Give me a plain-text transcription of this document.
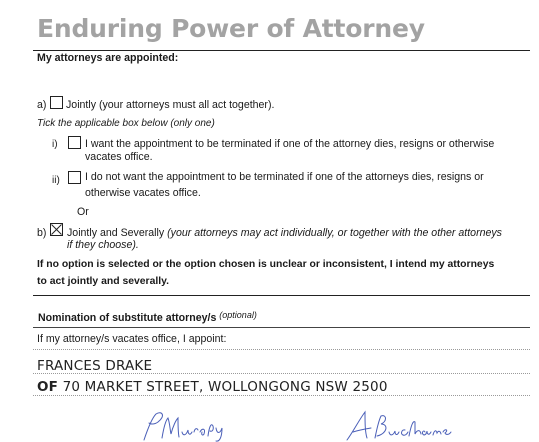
Enduring Power of Attorney
My attorneys are appointed:
a) Jointly (your attorneys must all act together).
Tick the applicable box below (only one)
i)	I want the appointment to be terminated if one of the attorney dies, resigns or otherwise
vacates office.
ii) I do not want the appointment to be terminated if one of the attorneys dies, resigns or
otherwise vacates office.
Or
b) Jointly and Severally (your attorneys may act individually, or together with the other attorneys
if they choose).
If no option is selected or the option chosen is unclear or inconsistent, I intend my attorneys
to act jointly and severally.
Nomination of substitute attorney/s $^{(optional)}$
If my attorney/s vacates office, I appoint:
FRANCES DRAKE
OF 70 MARKET STREET, WOLLONGONG NSW 2500
